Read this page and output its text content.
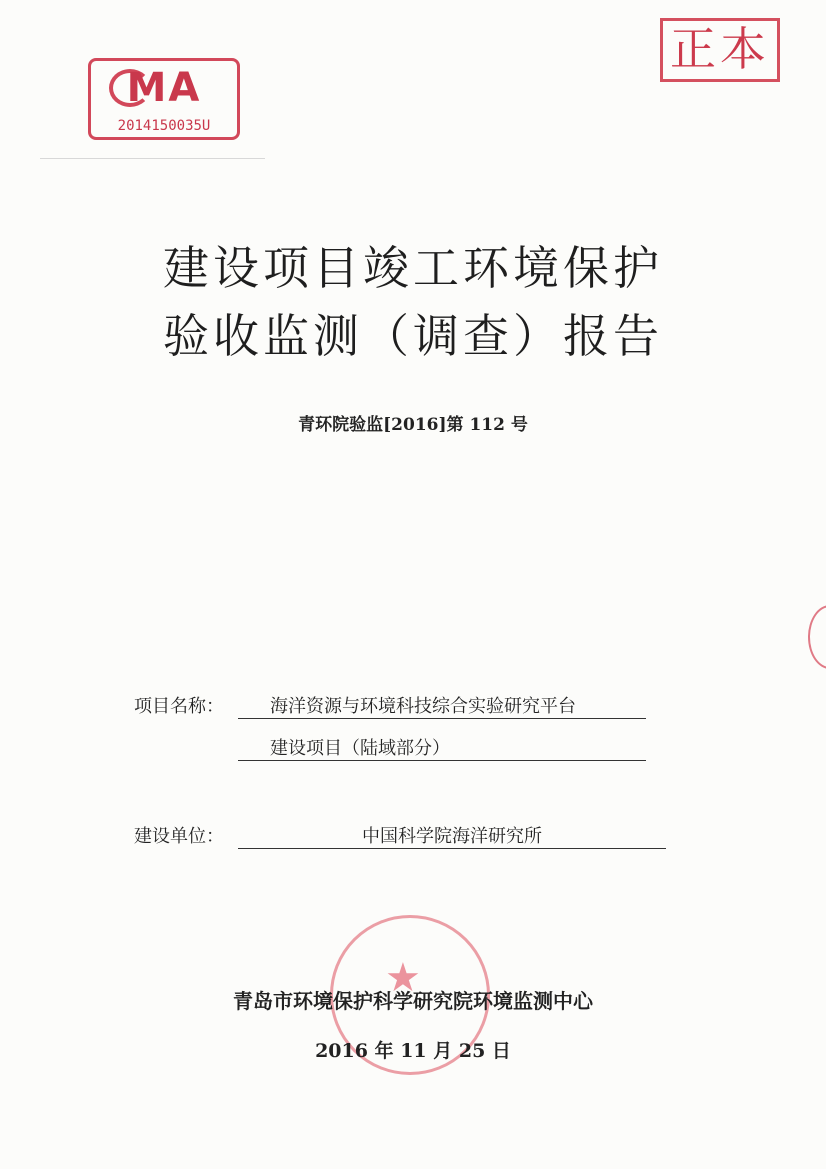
MA
2014150035U
正本
建设项目竣工环境保护
验收监测（调查）报告
青环院验监[2016]第 112 号
项目名称：	海洋资源与环境科技综合实验研究平台
建设项目（陆域部分）
建设单位：	中国科学院海洋研究所
★
青岛市环境保护科学研究院环境监测中心
2016 年 11 月 25 日
